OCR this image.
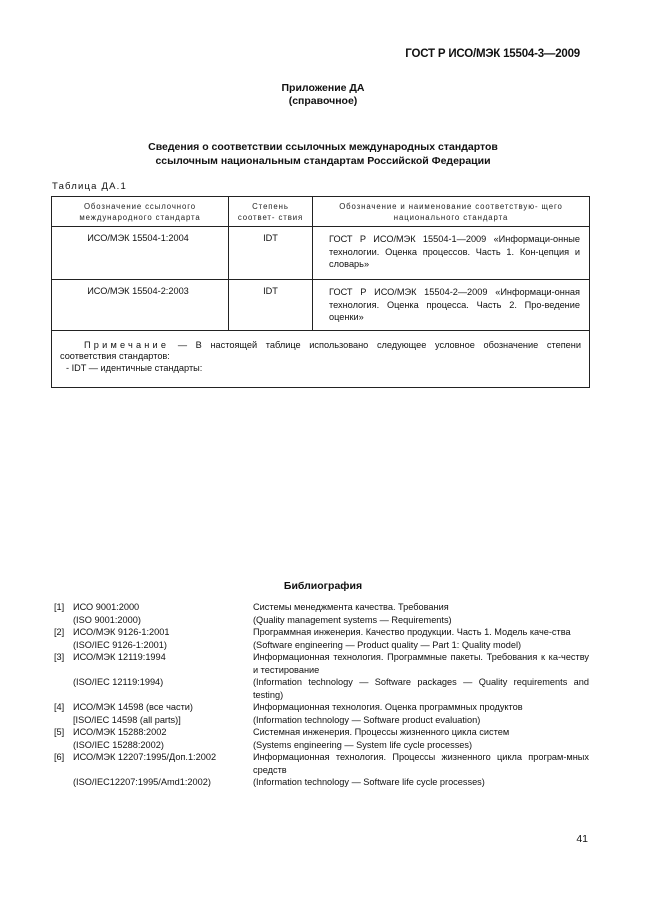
ГОСТ Р ИСО/МЭК 15504-3—2009
Приложение ДА
(справочное)
Сведения о соответствии ссылочных международных стандартов
ссылочным национальным стандартам Российской Федерации
Таблица ДА.1
Обозначение ссылочного международного стандарта	Степень соответ- ствия	Обозначение и наименование соответствую- щего национального стандарта
ИСО/МЭК 15504-1:2004	IDT	ГОСТ Р ИСО/МЭК 15504-1—2009 «Информаци-онные технологии. Оценка процессов. Часть 1. Кон-цепция и словарь»
ИСО/МЭК 15504-2:2003	IDT	ГОСТ Р ИСО/МЭК 15504-2—2009 «Информаци-онная технология. Оценка процесса. Часть 2. Про-ведение оценки»

Примечание — В настоящей таблице использовано следующее условное обозначение степени соответствия стандартов:
- IDT — идентичные стандарты:		
Библиография
[1] ИСО 9001:2000	Системы менеджмента качества. Требования
(ISO 9001:2000)	(Quality management systems — Requirements)
[2] ИСО/МЭК 9126-1:2001	Программная инженерия. Качество продукции. Часть 1. Модель каче-ства
(ISO/IEC 9126-1:2001)	(Software engineering — Product quality — Part 1: Quality model)
[3] ИСО/МЭК 12119:1994	Информационная технология. Программные пакеты. Требования к ка-честву и тестирование
(ISO/IEC 12119:1994)	(Information technology — Software packages — Quality requirements and testing)
[4] ИСО/МЭК 14598 (все части)	Информационная технология. Оценка программных продуктов
[ISO/IEC 14598 (all parts)]	(Information technology — Software product evaluation)
[5] ИСО/МЭК 15288:2002	Системная инженерия. Процессы жизненного цикла систем
(ISO/IEC 15288:2002)	(Systems engineering — System life cycle processes)
[6] ИСО/МЭК 12207:1995/Доп.1:2002	Информационная технология. Процессы жизненного цикла програм-мных средств
(ISO/IEC12207:1995/Amd1:2002)	(Information technology — Software life cycle processes)
41
